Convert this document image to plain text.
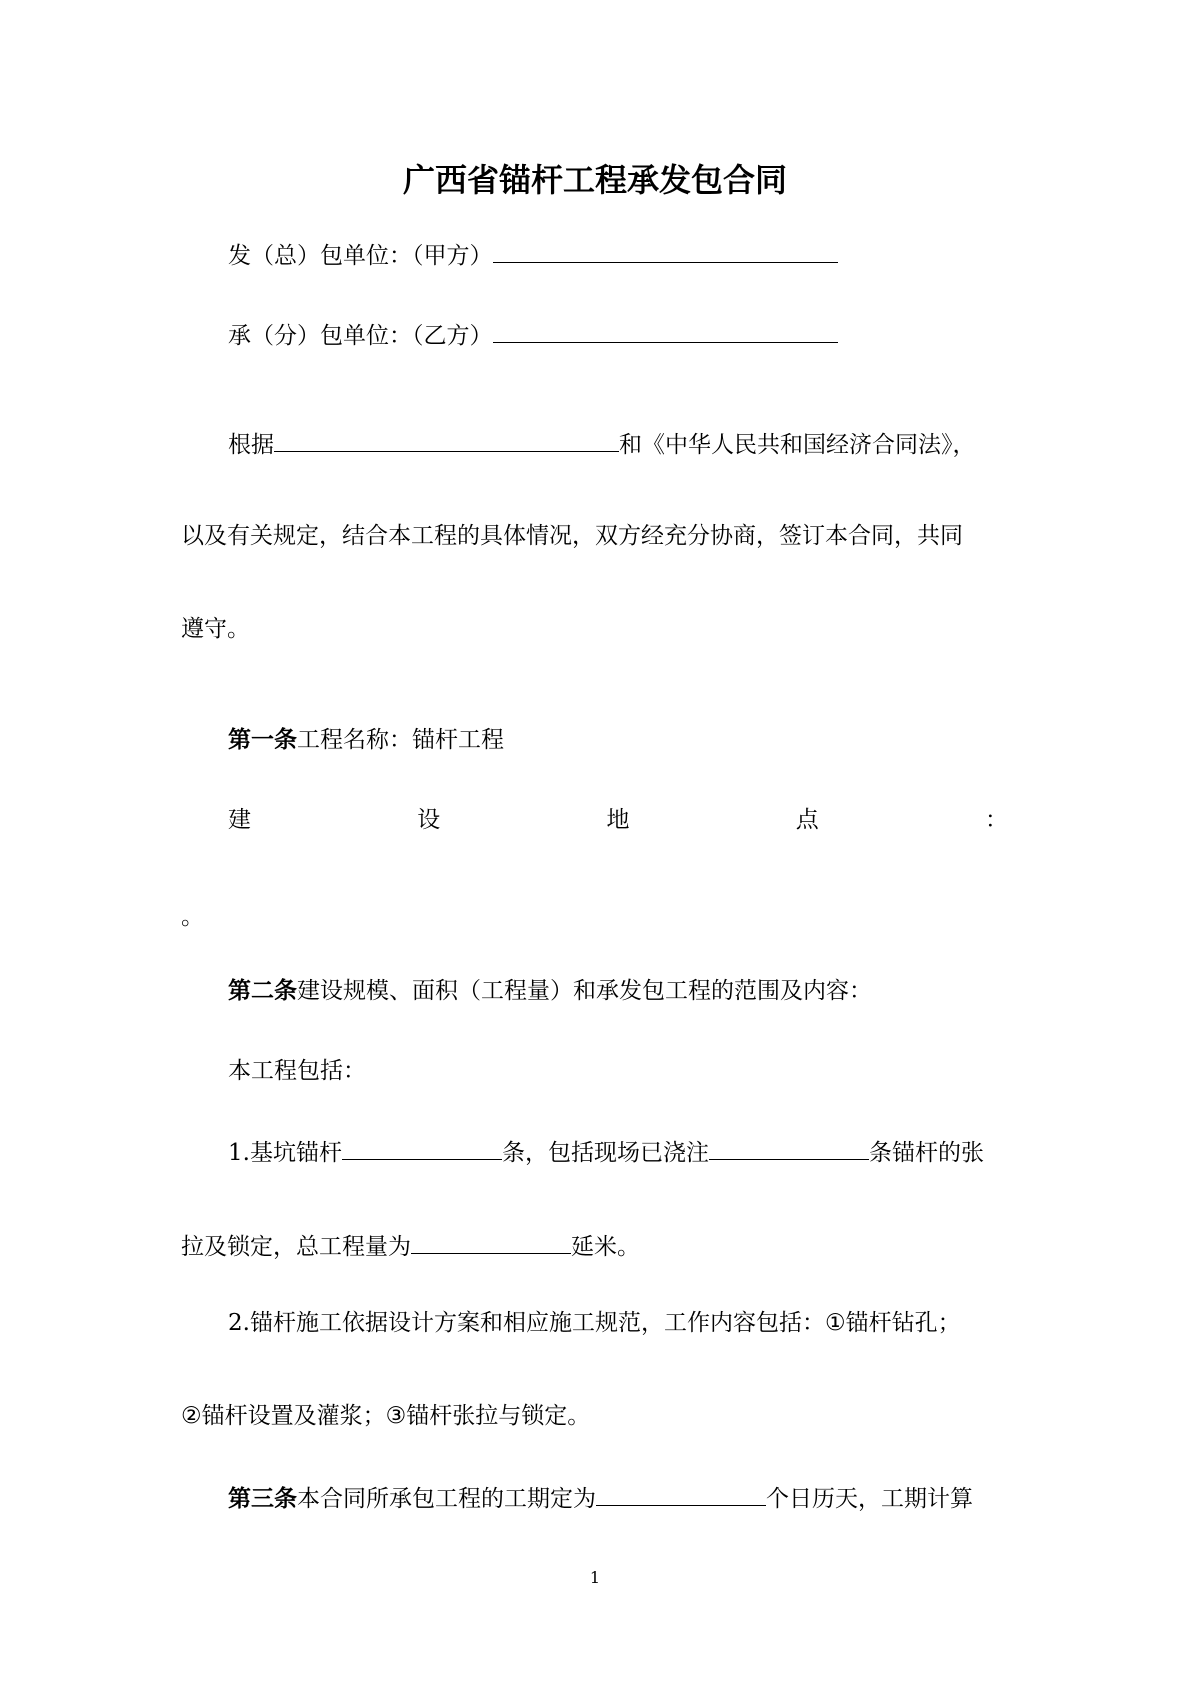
广西省锚杆工程承发包合同
发（总）包单位：（甲方）
承（分）包单位：（乙方）
根据	和《中华人民共和国经济合同法》，
以及有关规定，结合本工程的具体情况，双方经充分协商，签订本合同，共同
遵守。
第一条工程名称：锚杆工程
建	设	地	点	：
。
第二条建设规模、面积（工程量）和承发包工程的范围及内容：
本工程包括：
1.基坑锚杆	条，包括现场已浇注	条锚杆的张
拉及锁定，总工程量为	延米。
2.锚杆施工依据设计方案和相应施工规范，工作内容包括：①锚杆钻孔；
②锚杆设置及灌浆；③锚杆张拉与锁定。
第三条本合同所承包工程的工期定为	个日历天，工期计算
1
